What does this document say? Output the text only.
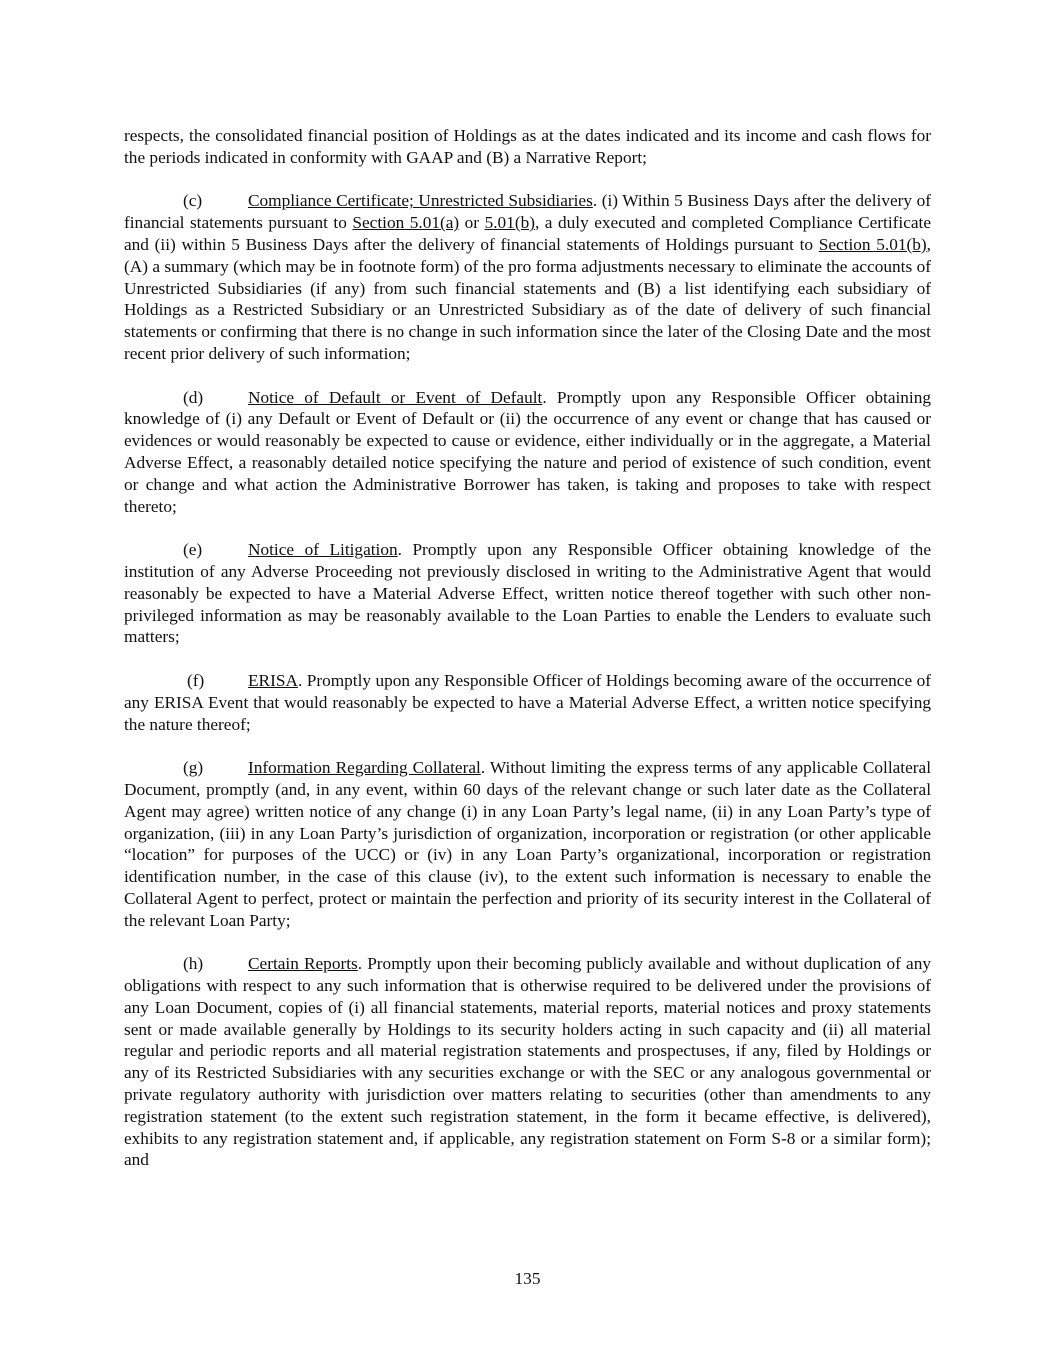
respects, the consolidated financial position of Holdings as at the dates indicated and its income and cash flows for the periods indicated in conformity with GAAP and (B) a Narrative Report;

(c)	Compliance Certificate; Unrestricted Subsidiaries. (i) Within 5 Business Days after the delivery of financial statements pursuant to Section 5.01(a) or 5.01(b), a duly executed and completed Compliance Certificate and (ii) within 5 Business Days after the delivery of financial statements of Holdings pursuant to Section 5.01(b), (A) a summary (which may be in footnote form) of the pro forma adjustments necessary to eliminate the accounts of Unrestricted Subsidiaries (if any) from such financial statements and (B) a list identifying each subsidiary of Holdings as a Restricted Subsidiary or an Unrestricted Subsidiary as of the date of delivery of such financial statements or confirming that there is no change in such information since the later of the Closing Date and the most recent prior delivery of such information;

(d)	Notice of Default or Event of Default. Promptly upon any Responsible Officer obtaining knowledge of (i) any Default or Event of Default or (ii) the occurrence of any event or change that has caused or evidences or would reasonably be expected to cause or evidence, either individually or in the aggregate, a Material Adverse Effect, a reasonably detailed notice specifying the nature and period of existence of such condition, event or change and what action the Administrative Borrower has taken, is taking and proposes to take with respect thereto;

(e)	Notice of Litigation. Promptly upon any Responsible Officer obtaining knowledge of the institution of any Adverse Proceeding not previously disclosed in writing to the Administrative Agent that would reasonably be expected to have a Material Adverse Effect, written notice thereof together with such other non-privileged information as may be reasonably available to the Loan Parties to enable the Lenders to evaluate such matters;

(f)	ERISA. Promptly upon any Responsible Officer of Holdings becoming aware of the occurrence of any ERISA Event that would reasonably be expected to have a Material Adverse Effect, a written notice specifying the nature thereof;

(g)	Information Regarding Collateral. Without limiting the express terms of any applicable Collateral Document, promptly (and, in any event, within 60 days of the relevant change or such later date as the Collateral Agent may agree) written notice of any change (i) in any Loan Party’s legal name, (ii) in any Loan Party’s type of organization, (iii) in any Loan Party’s jurisdiction of organization, incorporation or registration (or other applicable “location” for purposes of the UCC) or (iv) in any Loan Party’s organizational, incorporation or registration identification number, in the case of this clause (iv), to the extent such information is necessary to enable the Collateral Agent to perfect, protect or maintain the perfection and priority of its security interest in the Collateral of the relevant Loan Party;

(h)	Certain Reports. Promptly upon their becoming publicly available and without duplication of any obligations with respect to any such information that is otherwise required to be delivered under the provisions of any Loan Document, copies of (i) all financial statements, material reports, material notices and proxy statements sent or made available generally by Holdings to its security holders acting in such capacity and (ii) all material regular and periodic reports and all material registration statements and prospectuses, if any, filed by Holdings or any of its Restricted Subsidiaries with any securities exchange or with the SEC or any analogous governmental or private regulatory authority with jurisdiction over matters relating to securities (other than amendments to any registration statement (to the extent such registration statement, in the form it became effective, is delivered), exhibits to any registration statement and, if applicable, any registration statement on Form S-8 or a similar form); and

135
